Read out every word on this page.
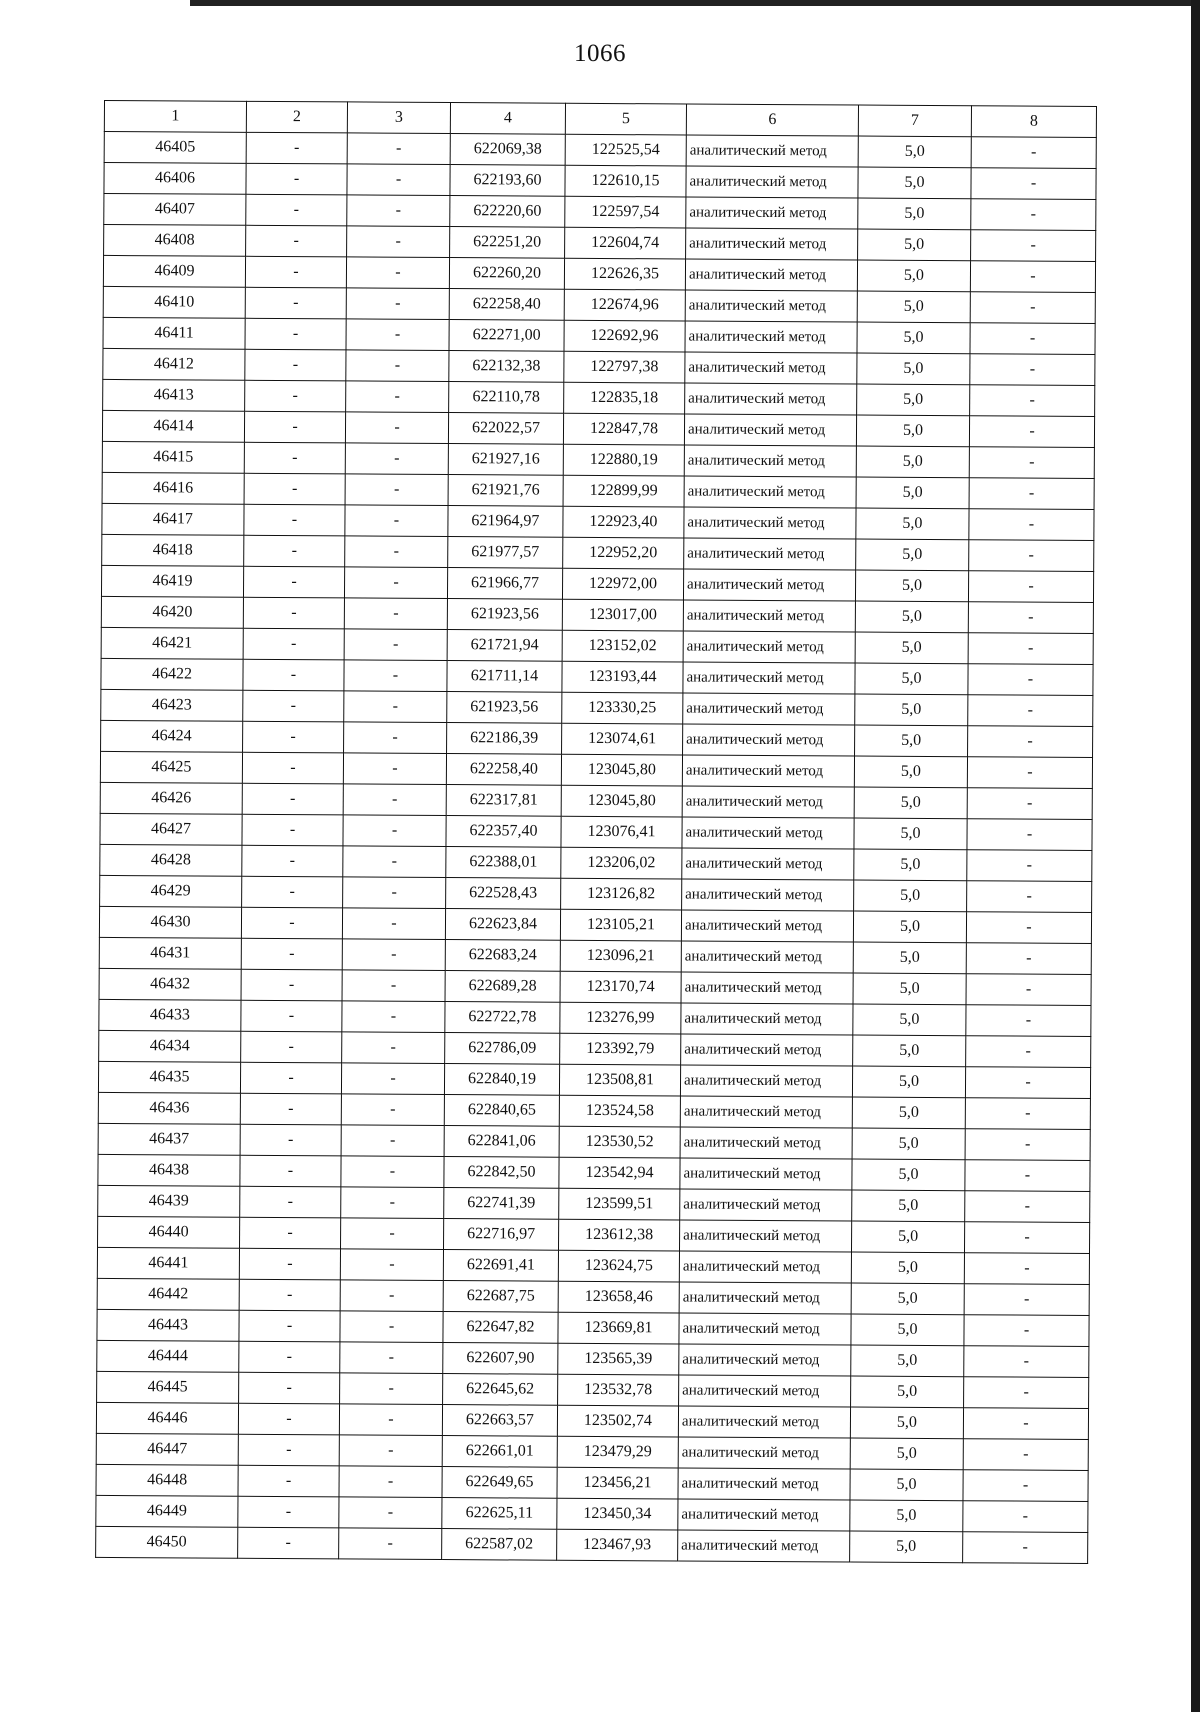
1066
1	2	3	4	5	6	7	8
46405	-	-	622069,38	122525,54	аналитический метод	5,0	-
46406	-	-	622193,60	122610,15	аналитический метод	5,0	-
46407	-	-	622220,60	122597,54	аналитический метод	5,0	-
46408	-	-	622251,20	122604,74	аналитический метод	5,0	-
46409	-	-	622260,20	122626,35	аналитический метод	5,0	-
46410	-	-	622258,40	122674,96	аналитический метод	5,0	-
46411	-	-	622271,00	122692,96	аналитический метод	5,0	-
46412	-	-	622132,38	122797,38	аналитический метод	5,0	-
46413	-	-	622110,78	122835,18	аналитический метод	5,0	-
46414	-	-	622022,57	122847,78	аналитический метод	5,0	-
46415	-	-	621927,16	122880,19	аналитический метод	5,0	-
46416	-	-	621921,76	122899,99	аналитический метод	5,0	-
46417	-	-	621964,97	122923,40	аналитический метод	5,0	-
46418	-	-	621977,57	122952,20	аналитический метод	5,0	-
46419	-	-	621966,77	122972,00	аналитический метод	5,0	-
46420	-	-	621923,56	123017,00	аналитический метод	5,0	-
46421	-	-	621721,94	123152,02	аналитический метод	5,0	-
46422	-	-	621711,14	123193,44	аналитический метод	5,0	-
46423	-	-	621923,56	123330,25	аналитический метод	5,0	-
46424	-	-	622186,39	123074,61	аналитический метод	5,0	-
46425	-	-	622258,40	123045,80	аналитический метод	5,0	-
46426	-	-	622317,81	123045,80	аналитический метод	5,0	-
46427	-	-	622357,40	123076,41	аналитический метод	5,0	-
46428	-	-	622388,01	123206,02	аналитический метод	5,0	-
46429	-	-	622528,43	123126,82	аналитический метод	5,0	-
46430	-	-	622623,84	123105,21	аналитический метод	5,0	-
46431	-	-	622683,24	123096,21	аналитический метод	5,0	-
46432	-	-	622689,28	123170,74	аналитический метод	5,0	-
46433	-	-	622722,78	123276,99	аналитический метод	5,0	-
46434	-	-	622786,09	123392,79	аналитический метод	5,0	-
46435	-	-	622840,19	123508,81	аналитический метод	5,0	-
46436	-	-	622840,65	123524,58	аналитический метод	5,0	-
46437	-	-	622841,06	123530,52	аналитический метод	5,0	-
46438	-	-	622842,50	123542,94	аналитический метод	5,0	-
46439	-	-	622741,39	123599,51	аналитический метод	5,0	-
46440	-	-	622716,97	123612,38	аналитический метод	5,0	-
46441	-	-	622691,41	123624,75	аналитический метод	5,0	-
46442	-	-	622687,75	123658,46	аналитический метод	5,0	-
46443	-	-	622647,82	123669,81	аналитический метод	5,0	-
46444	-	-	622607,90	123565,39	аналитический метод	5,0	-
46445	-	-	622645,62	123532,78	аналитический метод	5,0	-
46446	-	-	622663,57	123502,74	аналитический метод	5,0	-
46447	-	-	622661,01	123479,29	аналитический метод	5,0	-
46448	-	-	622649,65	123456,21	аналитический метод	5,0	-
46449	-	-	622625,11	123450,34	аналитический метод	5,0	-
46450	-	-	622587,02	123467,93	аналитический метод	5,0	-
